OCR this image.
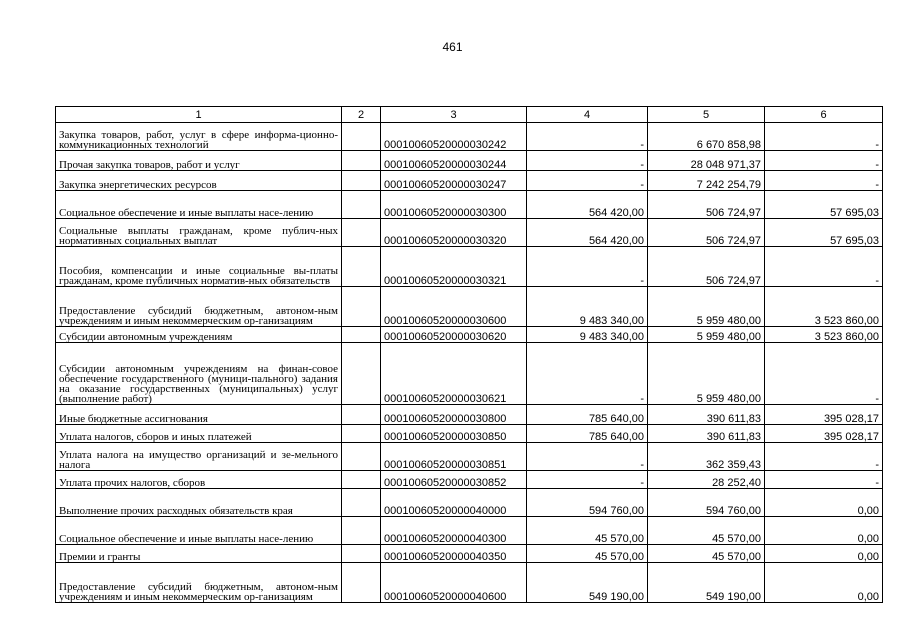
461
1	2	3	4	5	6
Закупка товаров, работ, услуг в сфере информа-ционно-коммуникационных технологий		00010060520000030242	-	6 670 858,98	-
Прочая закупка товаров, работ и услуг		00010060520000030244	-	28 048 971,37	-
Закупка энергетических ресурсов		00010060520000030247	-	7 242 254,79	-
Социальное обеспечение и иные выплаты насе-лению		00010060520000030300	564 420,00	506 724,97	57 695,03
Социальные выплаты гражданам, кроме публич-ных нормативных социальных выплат		00010060520000030320	564 420,00	506 724,97	57 695,03
Пособия, компенсации и иные социальные вы-платы гражданам, кроме публичных норматив-ных обязательств		00010060520000030321	-	506 724,97	-
Предоставление субсидий бюджетным, автоном-ным учреждениям и иным некоммерческим ор-ганизациям		00010060520000030600	9 483 340,00	5 959 480,00	3 523 860,00
Субсидии автономным учреждениям		00010060520000030620	9 483 340,00	5 959 480,00	3 523 860,00
Субсидии автономным учреждениям на финан-совое обеспечение государственного (муници-пального) задания на оказание государственных (муниципальных) услуг (выполнение работ)		00010060520000030621	-	5 959 480,00	-
Иные бюджетные ассигнования		00010060520000030800	785 640,00	390 611,83	395 028,17
Уплата налогов, сборов и иных платежей		00010060520000030850	785 640,00	390 611,83	395 028,17
Уплата налога на имущество организаций и зе-мельного налога		00010060520000030851	-	362 359,43	-
Уплата прочих налогов, сборов		00010060520000030852	-	28 252,40	-
Выполнение прочих расходных обязательств края		00010060520000040000	594 760,00	594 760,00	0,00
Социальное обеспечение и иные выплаты насе-лению		00010060520000040300	45 570,00	45 570,00	0,00
Премии и гранты		00010060520000040350	45 570,00	45 570,00	0,00
Предоставление субсидий бюджетным, автоном-ным учреждениям и иным некоммерческим ор-ганизациям		00010060520000040600	549 190,00	549 190,00	0,00
